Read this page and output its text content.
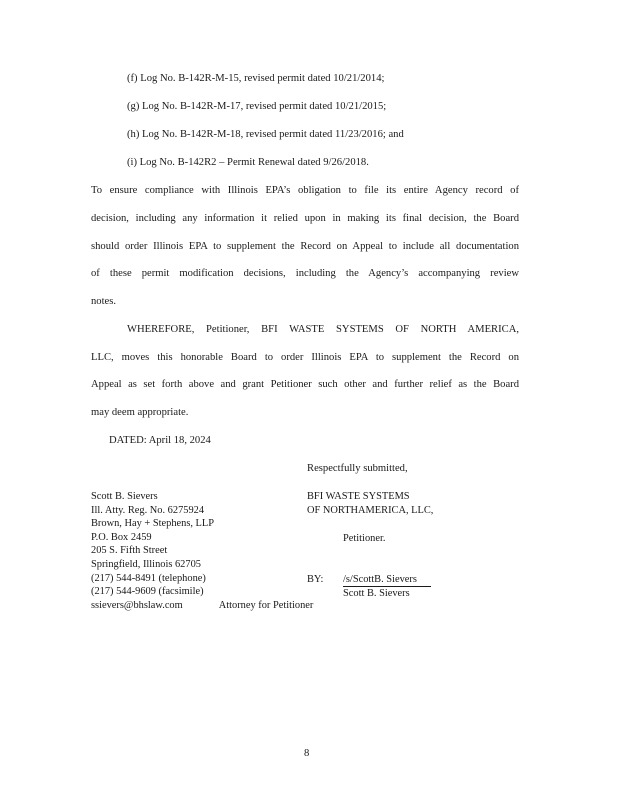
(f) Log No. B-142R-M-15, revised permit dated 10/21/2014;
(g) Log No. B-142R-M-17, revised permit dated 10/21/2015;
(h) Log No. B-142R-M-18, revised permit dated 11/23/2016; and
(i) Log No. B-142R2 – Permit Renewal dated 9/26/2018.
To ensure compliance with Illinois EPA’s obligation to file its entire Agency record of
decision, including any information it relied upon in making its final decision, the Board
should order Illinois EPA to supplement the Record on Appeal to include all documentation
of these permit modification decisions, including the Agency’s accompanying review
notes.
WHEREFORE, Petitioner, BFI WASTE SYSTEMS OF NORTH AMERICA,
LLC, moves this honorable Board to order Illinois EPA to supplement the Record on
Appeal as set forth above and grant Petitioner such other and further relief as the Board
may deem appropriate.
DATED: April 18, 2024
Respectfully submitted,
Scott B. Sievers
Ill. Atty. Reg. No. 6275924
Brown, Hay + Stephens, LLP
P.O. Box 2459
205 S. Fifth Street
Springfield, Illinois 62705
(217) 544-8491 (telephone)
(217) 544-9609 (facsimile)
ssievers@bhslaw.com	Attorney for Petitioner
BFI WASTE SYSTEMS
OF NORTHAMERICA, LLC,
Petitioner.
BY: /s/ScottB. Sievers
Scott B. Sievers
8
